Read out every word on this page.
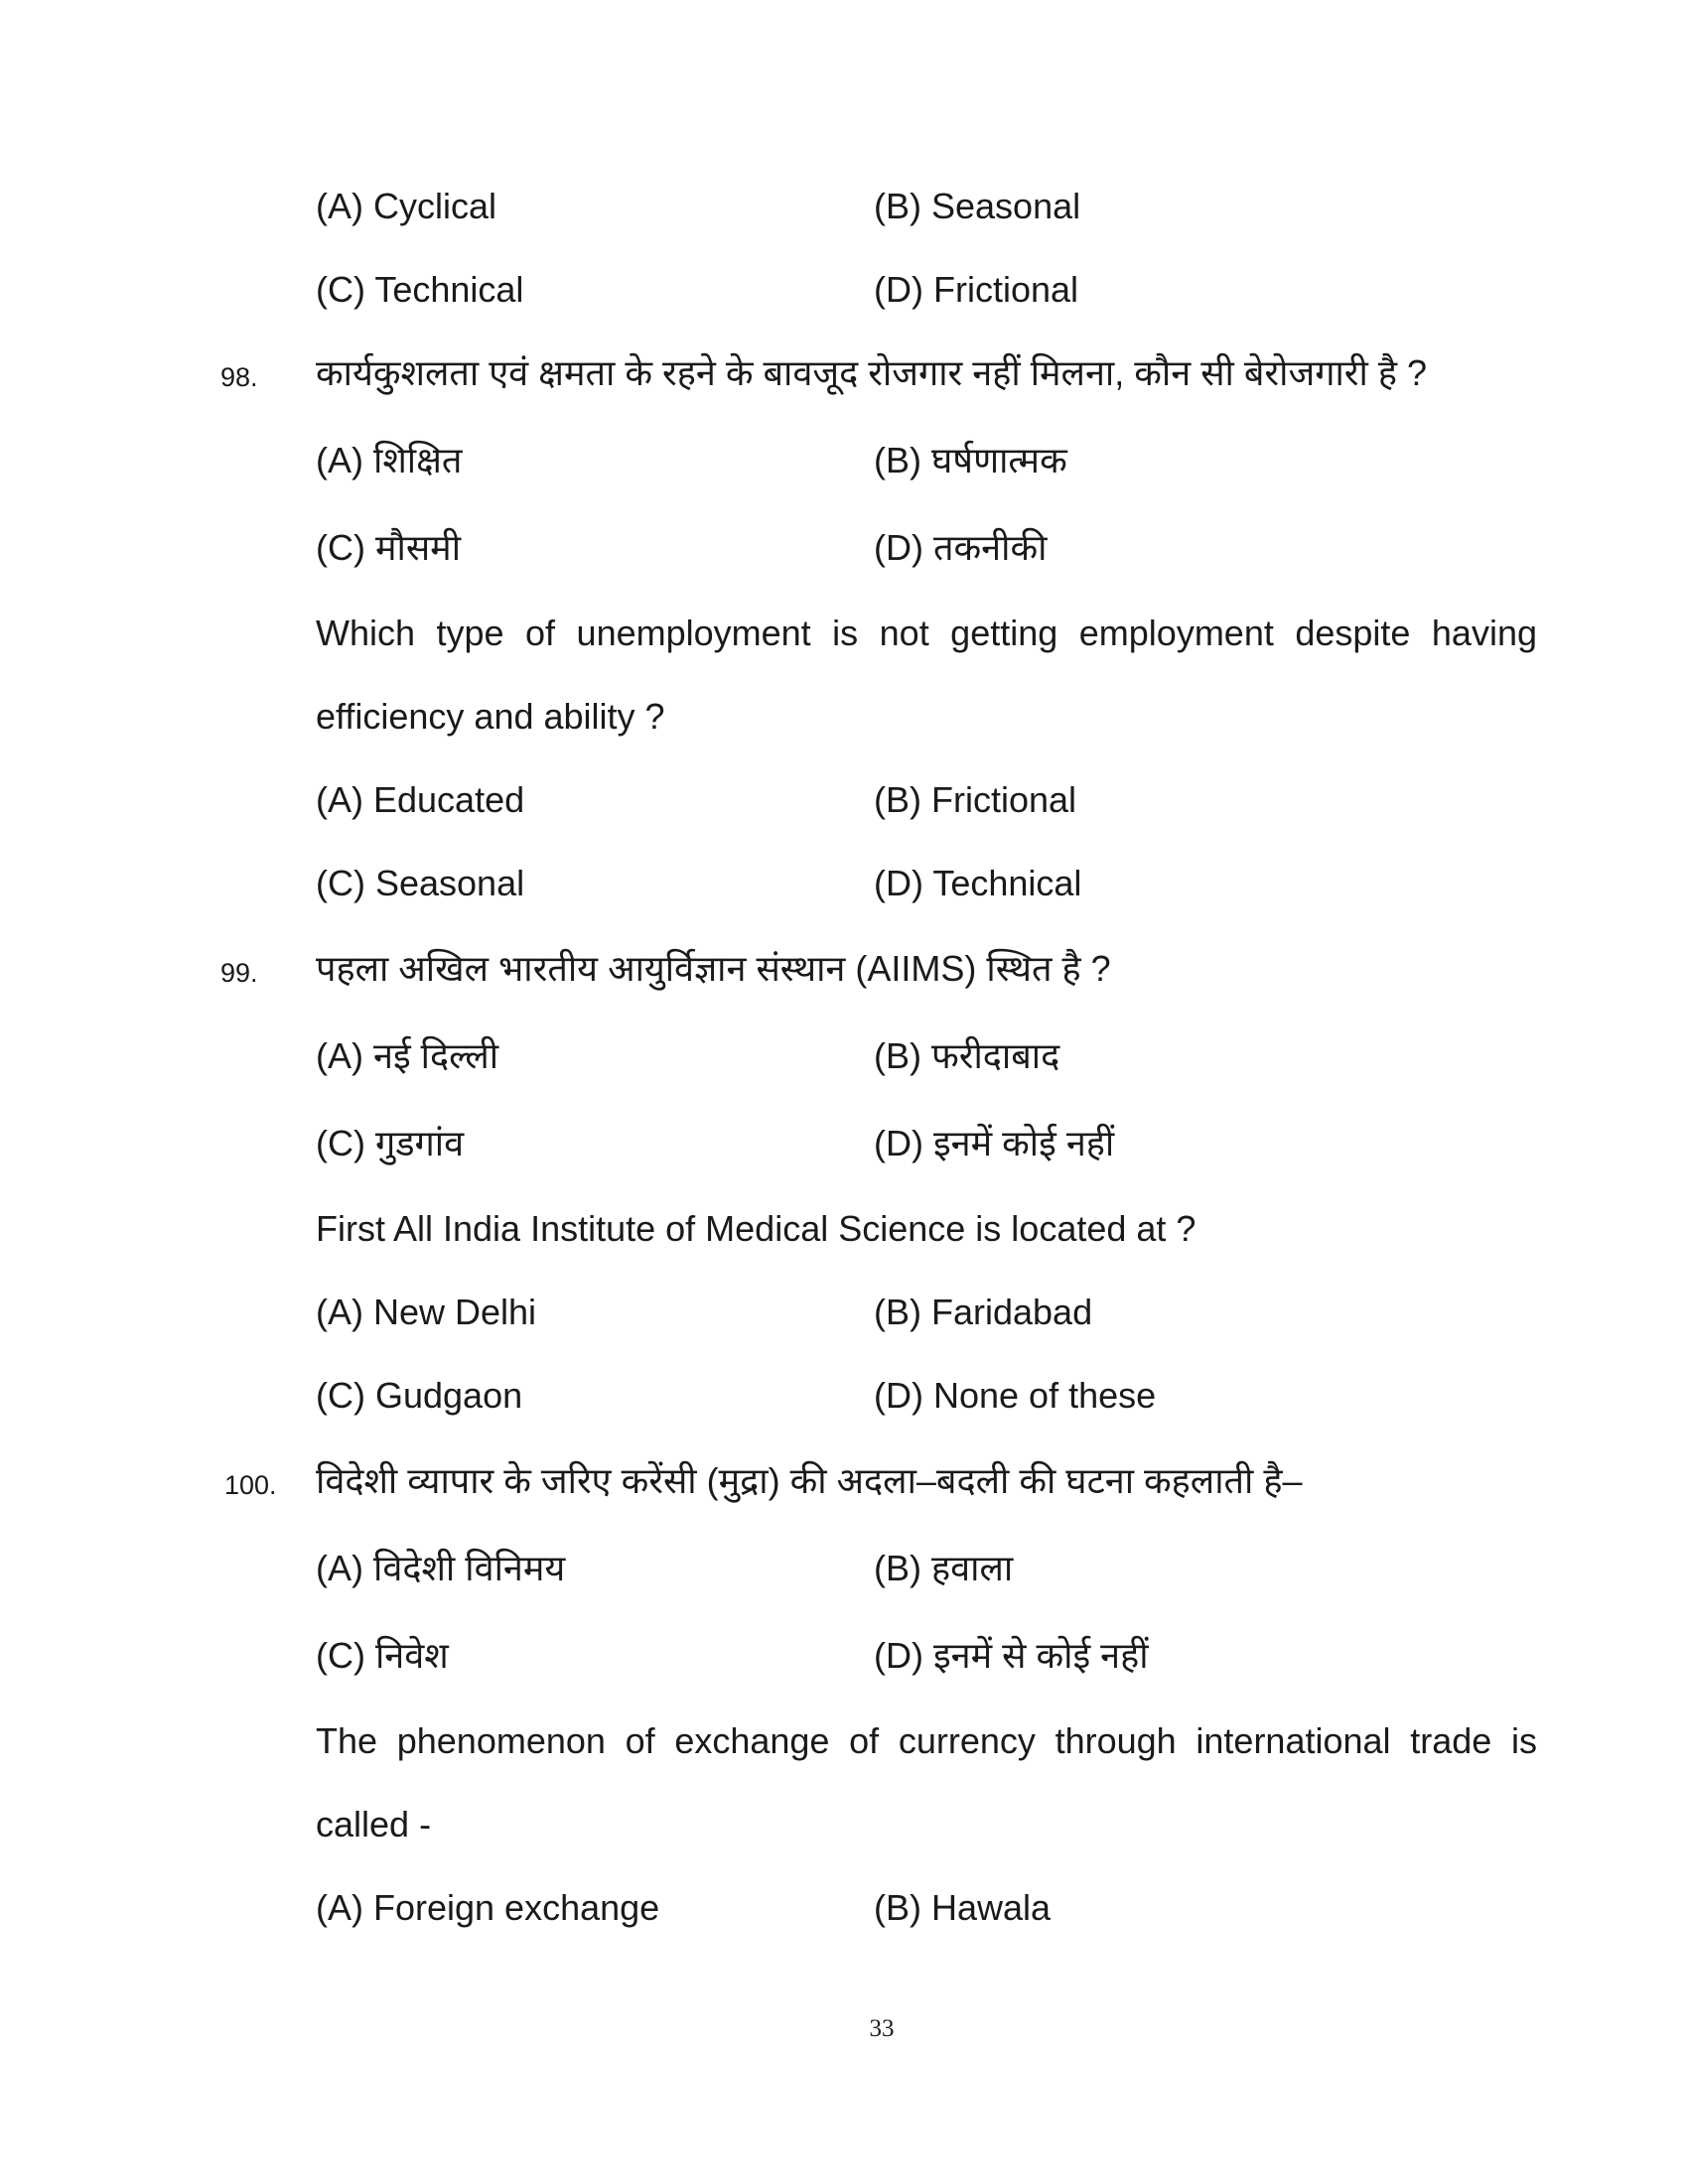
(A) Cyclical	(B) Seasonal
(C) Technical	(D) Frictional
98. कार्यकुशलता एवं क्षमता के रहने के बावजूद रोजगार नहीं मिलना, कौन सी बेरोजगारी है ?
(A) शिक्षित	(B) घर्षणात्मक
(C) मौसमी	(D) तकनीकी
Which type of unemployment is not getting employment despite having
efficiency and ability ?
(A) Educated	(B) Frictional
(C) Seasonal	(D) Technical
99. पहला अखिल भारतीय आयुर्विज्ञान संस्थान (AIIMS) स्थित है ?
(A) नई दिल्ली	(B) फरीदाबाद
(C) गुडगांव	(D) इनमें कोई नहीं
First All India Institute of Medical Science is located at ?
(A) New Delhi	(B) Faridabad
(C) Gudgaon	(D) None of these
100. विदेशी व्यापार के जरिए करेंसी (मुद्रा) की अदला–बदली की घटना कहलाती है–
(A) विदेशी विनिमय	(B) हवाला
(C) निवेश	(D) इनमें से कोई नहीं
The phenomenon of exchange of currency through international trade is
called -
(A) Foreign exchange	(B) Hawala
33
